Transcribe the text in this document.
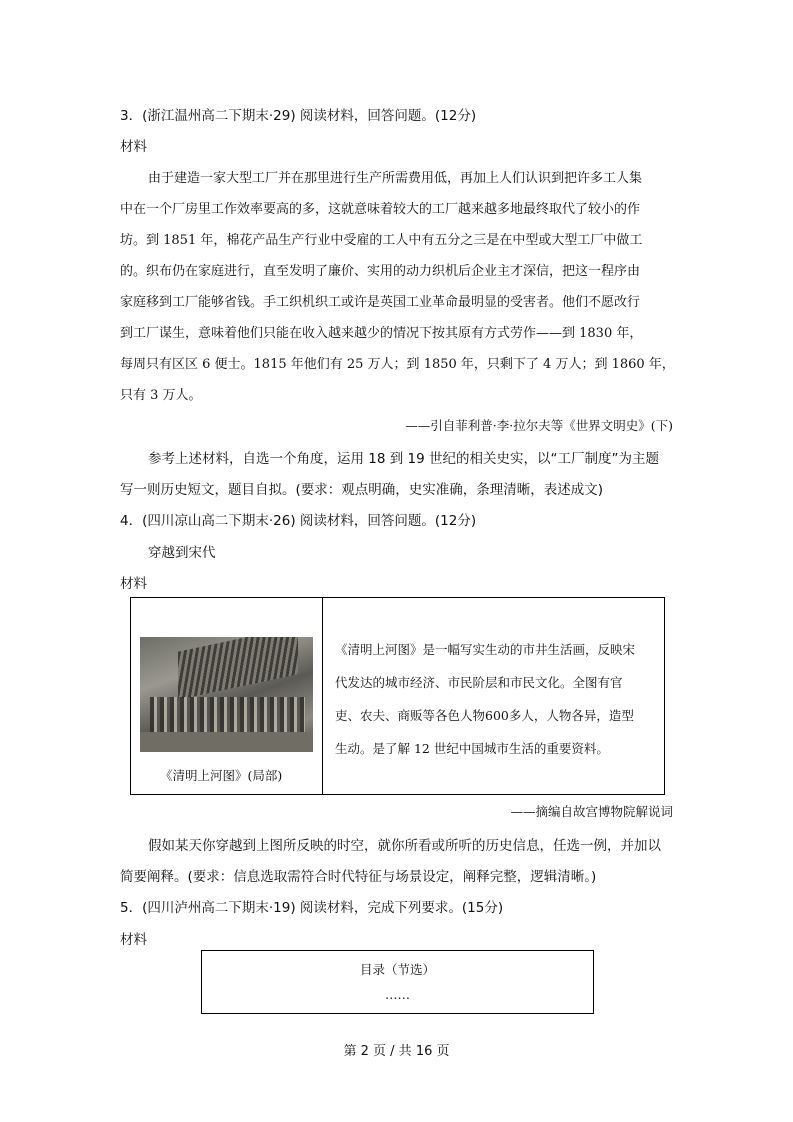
3．(浙江温州高二下期末·29) 阅读材料，回答问题。(12分)
材料
由于建造一家大型工厂并在那里进行生产所需费用低，再加上人们认识到把许多工人集
中在一个厂房里工作效率要高的多，这就意味着较大的工厂越来越多地最终取代了较小的作
坊。到 1851 年，棉花产品生产行业中受雇的工人中有五分之三是在中型或大型工厂中做工
的。织布仍在家庭进行，直至发明了廉价、实用的动力织机后企业主才深信，把这一程序由
家庭移到工厂能够省钱。手工织机织工或许是英国工业革命最明显的受害者。他们不愿改行
到工厂谋生，意味着他们只能在收入越来越少的情况下按其原有方式劳作——到 1830 年，
每周只有区区 6 便士。1815 年他们有 25 万人；到 1850 年，只剩下了 4 万人；到 1860 年，
只有 3 万人。
——引自菲利普·李·拉尔夫等《世界文明史》(下)
参考上述材料，自选一个角度，运用 18 到 19 世纪的相关史实，以“工厂制度”为主题
写一则历史短文，题目自拟。(要求：观点明确，史实准确，条理清晰，表述成文)
4．(四川凉山高二下期末·26) 阅读材料，回答问题。(12分)
穿越到宋代
材料
《清明上河图》(局部)
《清明上河图》是一幅写实生动的市井生活画，反映宋
代发达的城市经济、市民阶层和市民文化。全图有官
吏、农夫、商贩等各色人物600多人，人物各异，造型
生动。是了解 12 世纪中国城市生活的重要资料。
——摘编自故宫博物院解说词
假如某天你穿越到上图所反映的时空，就你所看或所听的历史信息，任选一例，并加以
简要阐释。(要求：信息选取需符合时代特征与场景设定，阐释完整，逻辑清晰。)
5．(四川泸州高二下期末·19) 阅读材料，完成下列要求。(15分)
材料
目录（节选）
……
第 2 页 / 共 16 页
